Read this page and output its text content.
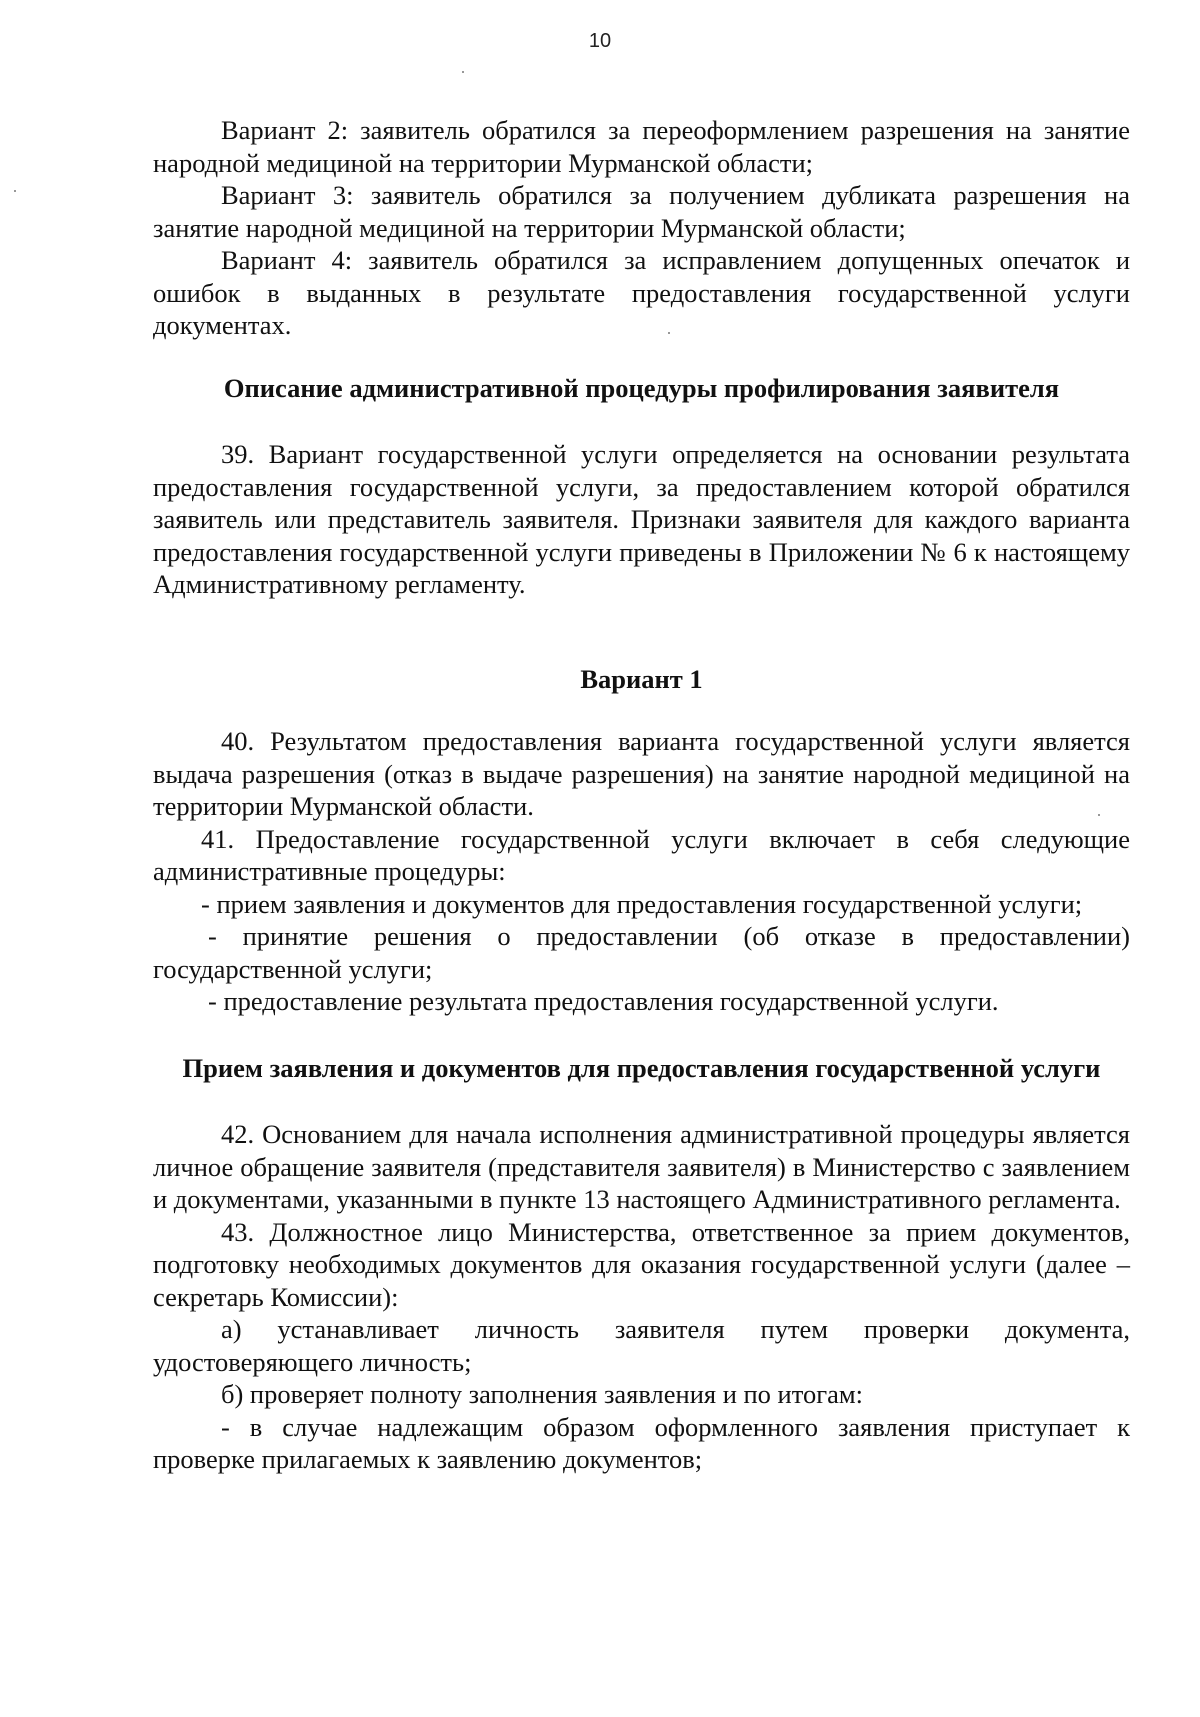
10

Вариант 2: заявитель обратился за переоформлением разрешения на занятие народной медициной на территории Мурманской области;

Вариант 3: заявитель обратился за получением дубликата разрешения на занятие народной медициной на территории Мурманской области;

Вариант 4: заявитель обратился за исправлением допущенных опечаток и ошибок в выданных в результате предоставления государственной услуги документах.

Описание административной процедуры профилирования заявителя

39. Вариант государственной услуги определяется на основании результата предоставления государственной услуги, за предоставлением которой обратился заявитель или представитель заявителя. Признаки заявителя для каждого варианта предоставления государственной услуги приведены в Приложении № 6 к настоящему Административному регламенту.

Вариант 1

40. Результатом предоставления варианта государственной услуги является выдача разрешения (отказ в выдаче разрешения) на занятие народной медициной на территории Мурманской области.

41. Предоставление государственной услуги включает в себя следующие административные процедуры:

- прием заявления и документов для предоставления государственной услуги;

- принятие решения о предоставлении (об отказе в предоставлении) государственной услуги;

- предоставление результата предоставления государственной услуги.

Прием заявления и документов для предоставления государственной услуги

42. Основанием для начала исполнения административной процедуры является личное обращение заявителя (представителя заявителя) в Министерство с заявлением и документами, указанными в пункте 13 настоящего Административного регламента.

43. Должностное лицо Министерства, ответственное за прием документов, подготовку необходимых документов для оказания государственной услуги (далее – секретарь Комиссии):

а) устанавливает личность заявителя путем проверки документа, удостоверяющего личность;

б) проверяет полноту заполнения заявления и по итогам:

- в случае надлежащим образом оформленного заявления приступает к проверке прилагаемых к заявлению документов;
